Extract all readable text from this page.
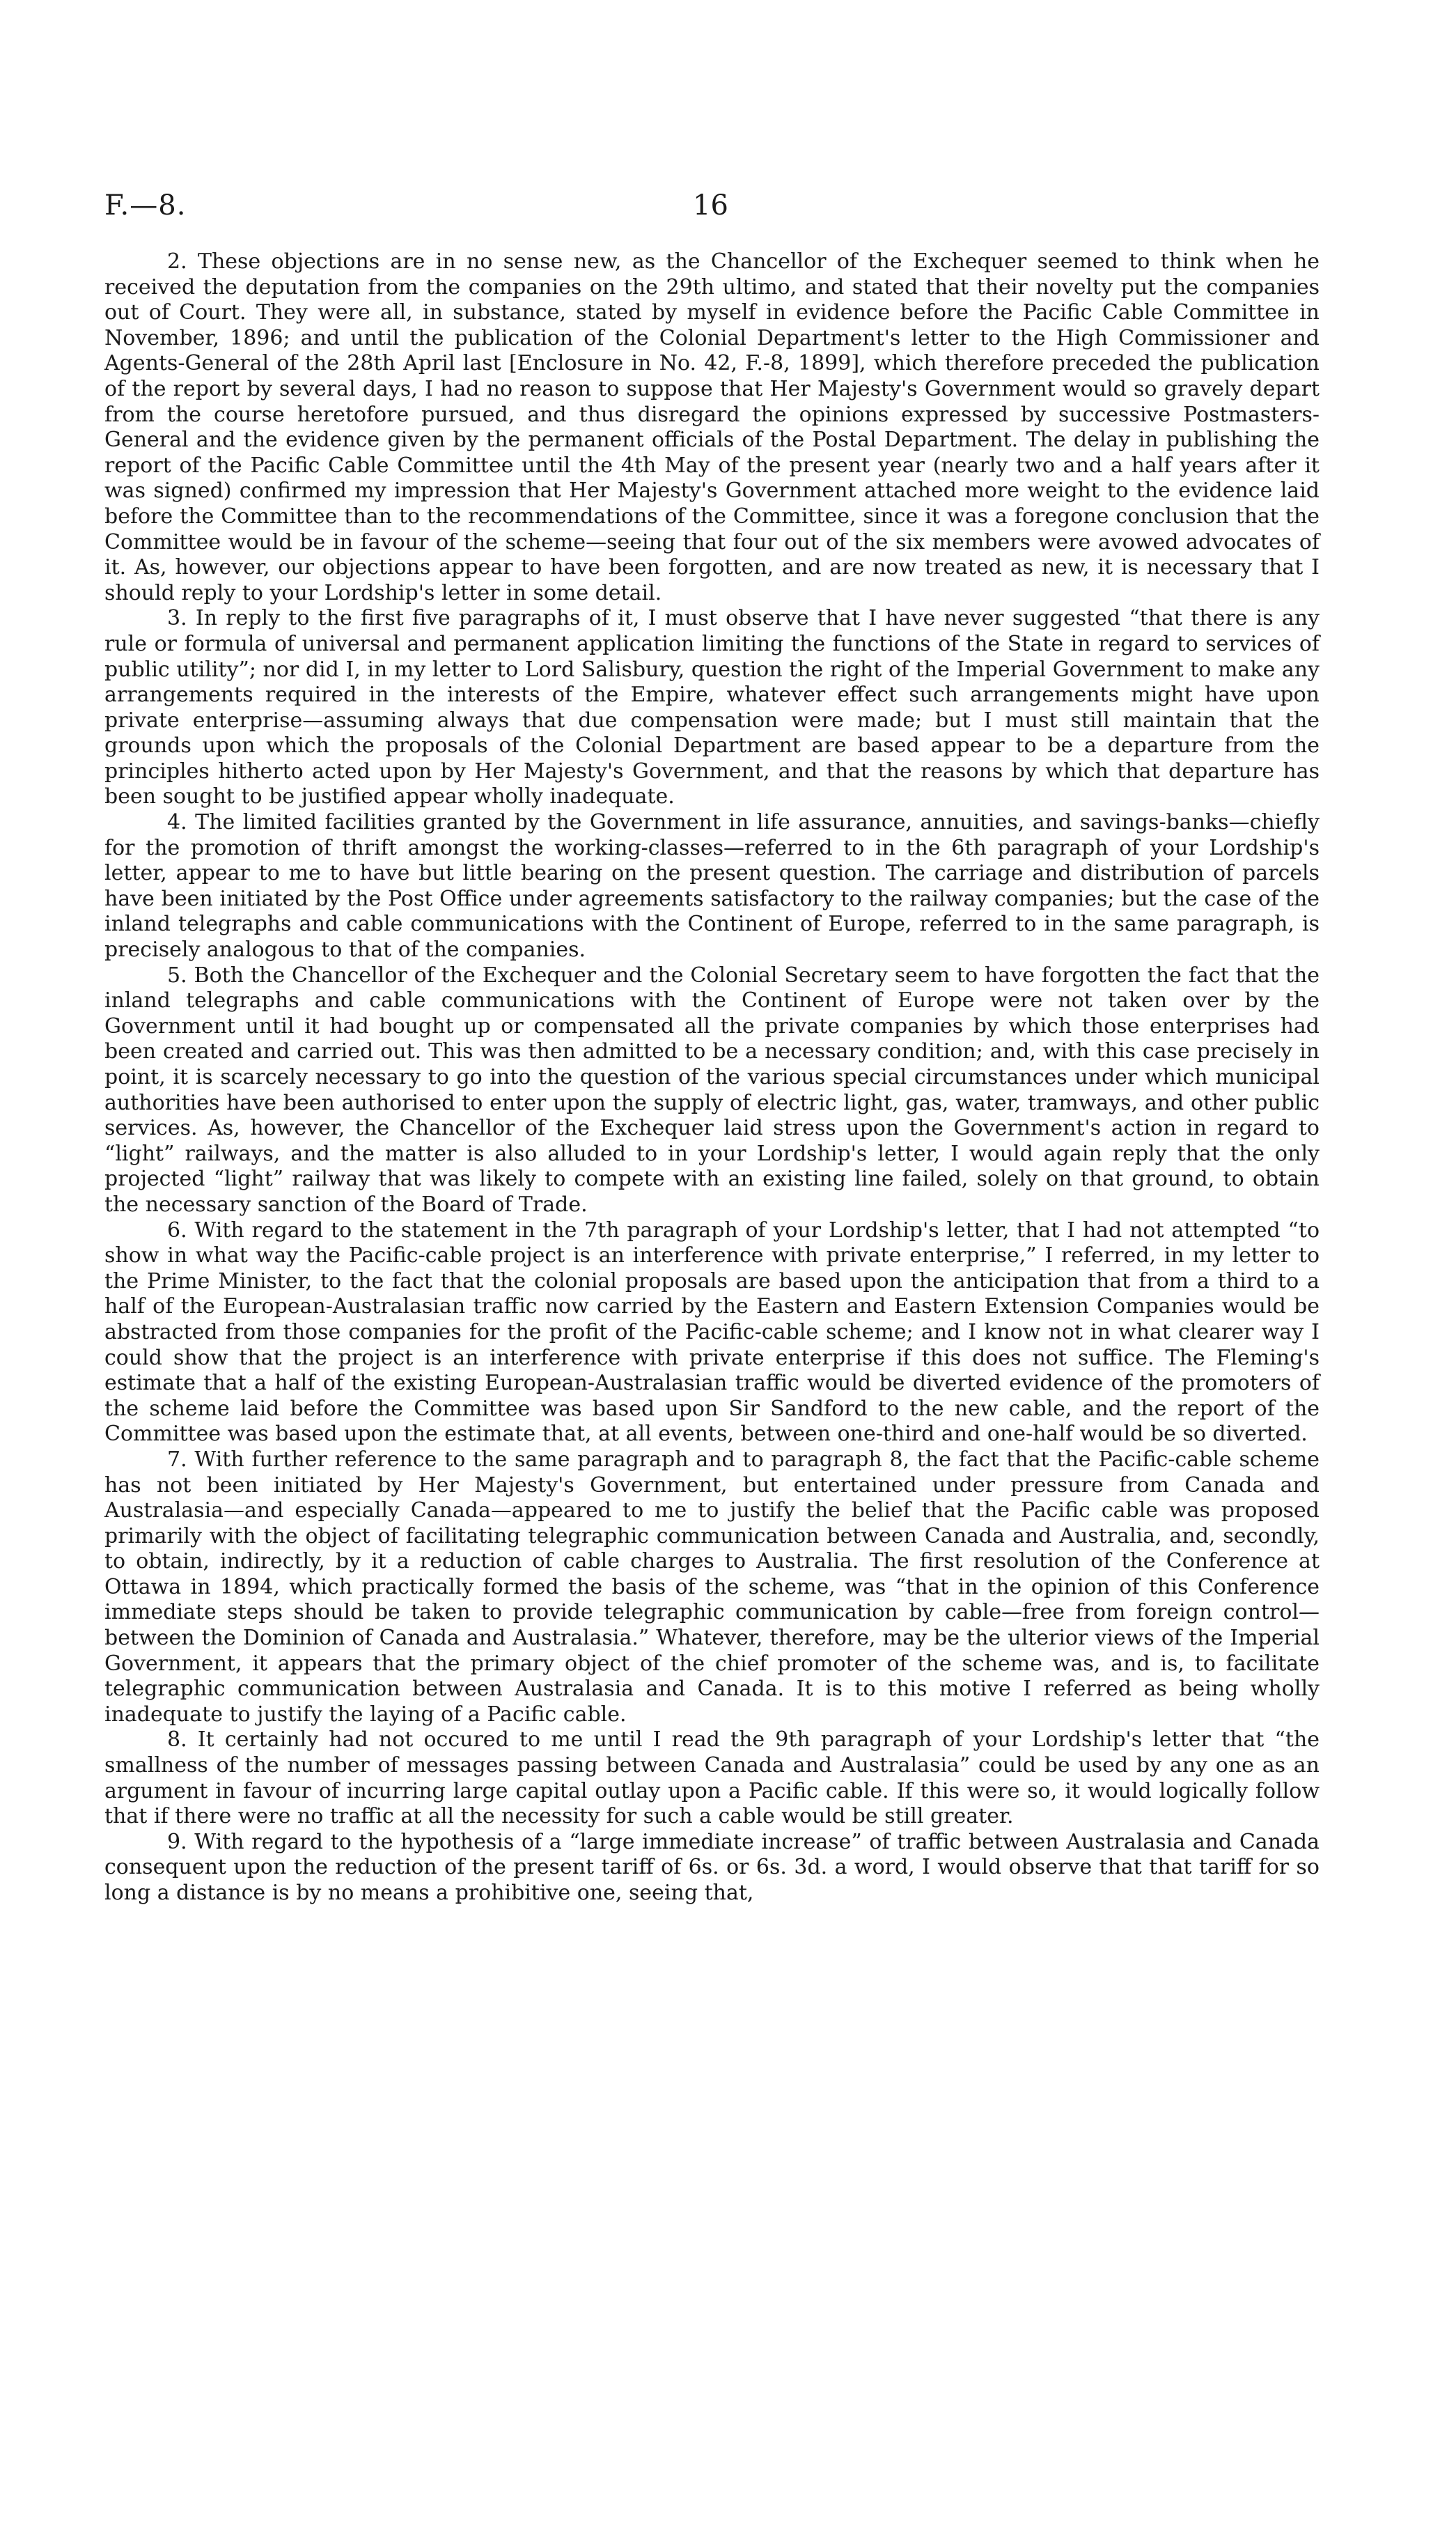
F.—8.	16

2. These objections are in no sense new, as the Chancellor of the Exchequer seemed to think when he received the deputation from the companies on the 29th ultimo, and stated that their novelty put the companies out of Court. They were all, in substance, stated by myself in evidence before the Pacific Cable Committee in November, 1896; and until the publication of the Colonial Department's letter to the High Commissioner and Agents-General of the 28th April last [Enclosure in No. 42, F.-8, 1899], which therefore preceded the publication of the report by several days, I had no reason to suppose that Her Majesty's Government would so gravely depart from the course heretofore pursued, and thus disregard the opinions expressed by successive Postmasters-General and the evidence given by the permanent officials of the Postal Department. The delay in publishing the report of the Pacific Cable Committee until the 4th May of the present year (nearly two and a half years after it was signed) confirmed my impression that Her Majesty's Government attached more weight to the evidence laid before the Committee than to the recommendations of the Committee, since it was a foregone conclusion that the Committee would be in favour of the scheme—seeing that four out of the six members were avowed advocates of it. As, however, our objections appear to have been forgotten, and are now treated as new, it is necessary that I should reply to your Lordship's letter in some detail.

3. In reply to the first five paragraphs of it, I must observe that I have never suggested “that there is any rule or formula of universal and permanent application limiting the functions of the State in regard to services of public utility”; nor did I, in my letter to Lord Salisbury, question the right of the Imperial Government to make any arrangements required in the interests of the Empire, whatever effect such arrangements might have upon private enterprise—assuming always that due compensation were made; but I must still maintain that the grounds upon which the proposals of the Colonial Department are based appear to be a departure from the principles hitherto acted upon by Her Majesty's Government, and that the reasons by which that departure has been sought to be justified appear wholly inadequate.

4. The limited facilities granted by the Government in life assurance, annuities, and savings-banks—chiefly for the promotion of thrift amongst the working-classes—referred to in the 6th paragraph of your Lordship's letter, appear to me to have but little bearing on the present question. The carriage and distribution of parcels have been initiated by the Post Office under agreements satisfactory to the railway companies; but the case of the inland telegraphs and cable communications with the Continent of Europe, referred to in the same paragraph, is precisely analogous to that of the companies.

5. Both the Chancellor of the Exchequer and the Colonial Secretary seem to have forgotten the fact that the inland telegraphs and cable communications with the Continent of Europe were not taken over by the Government until it had bought up or compensated all the private companies by which those enterprises had been created and carried out. This was then admitted to be a necessary condition; and, with this case precisely in point, it is scarcely necessary to go into the question of the various special circumstances under which municipal authorities have been authorised to enter upon the supply of electric light, gas, water, tramways, and other public services. As, however, the Chancellor of the Exchequer laid stress upon the Government's action in regard to “light” railways, and the matter is also alluded to in your Lordship's letter, I would again reply that the only projected “light” railway that was likely to compete with an existing line failed, solely on that ground, to obtain the necessary sanction of the Board of Trade.

6. With regard to the statement in the 7th paragraph of your Lordship's letter, that I had not attempted “to show in what way the Pacific-cable project is an interference with private enterprise,” I referred, in my letter to the Prime Minister, to the fact that the colonial proposals are based upon the anticipation that from a third to a half of the European-Australasian traffic now carried by the Eastern and Eastern Extension Companies would be abstracted from those companies for the profit of the Pacific-cable scheme; and I know not in what clearer way I could show that the project is an interference with private enterprise if this does not suffice. The Fleming's estimate that a half of the existing European-Australasian traffic would be diverted evidence of the promoters of the scheme laid before the Committee was based upon Sir Sandford to the new cable, and the report of the Committee was based upon the estimate that, at all events, between one-third and one-half would be so diverted.

7. With further reference to the same paragraph and to paragraph 8, the fact that the Pacific-cable scheme has not been initiated by Her Majesty's Government, but entertained under pressure from Canada and Australasia—and especially Canada—appeared to me to justify the belief that the Pacific cable was proposed primarily with the object of facilitating telegraphic communication between Canada and Australia, and, secondly, to obtain, indirectly, by it a reduction of cable charges to Australia. The first resolution of the Conference at Ottawa in 1894, which practically formed the basis of the scheme, was “that in the opinion of this Conference immediate steps should be taken to provide telegraphic communication by cable—free from foreign control—between the Dominion of Canada and Australasia.” Whatever, therefore, may be the ulterior views of the Imperial Government, it appears that the primary object of the chief promoter of the scheme was, and is, to facilitate telegraphic communication between Australasia and Canada. It is to this motive I referred as being wholly inadequate to justify the laying of a Pacific cable.

8. It certainly had not occured to me until I read the 9th paragraph of your Lordship's letter that “the smallness of the number of messages passing between Canada and Australasia” could be used by any one as an argument in favour of incurring large capital outlay upon a Pacific cable. If this were so, it would logically follow that if there were no traffic at all the necessity for such a cable would be still greater.

9. With regard to the hypothesis of a “large immediate increase” of traffic between Australasia and Canada consequent upon the reduction of the present tariff of 6s. or 6s. 3d. a word, I would observe that that tariff for so long a distance is by no means a prohibitive one, seeing that,
